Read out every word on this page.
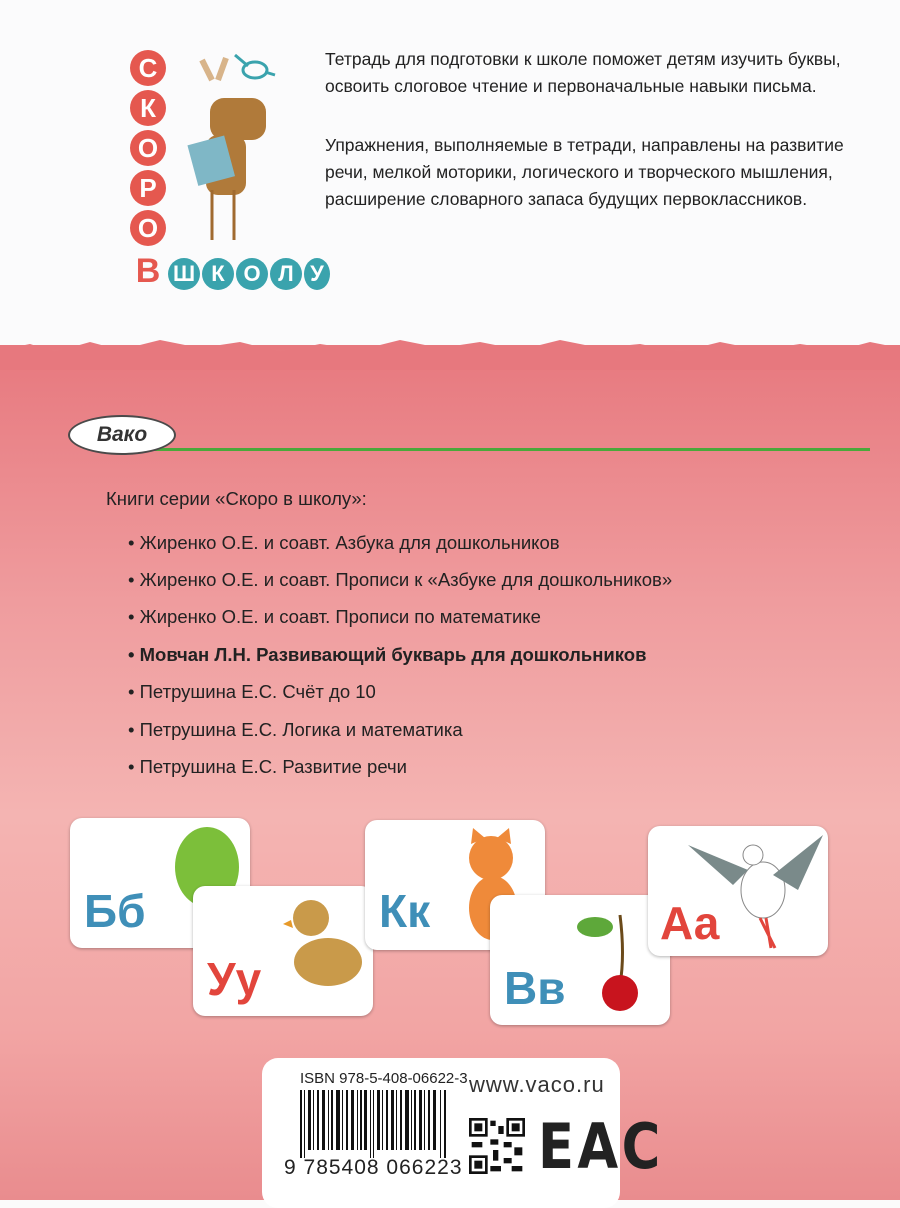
С
К
О
Р
О
В Ш К О Л У
Тетрадь для подготовки к школе поможет детям изучить буквы, освоить слоговое чтение и первоначальные навыки письма.
Упражнения, выполняемые в тетради, направлены на развитие речи, мелкой моторики, логического и творческого мышления, расширение словарного запаса будущих первоклассников.
Вако
Книги серии «Скоро в школу»:
• Жиренко О.Е. и соавт. Азбука для дошкольников
• Жиренко О.Е. и соавт. Прописи к «Азбуке для дошкольников»
• Жиренко О.Е. и соавт. Прописи по математике
• Мовчан Л.Н. Развивающий букварь для дошкольников
• Петрушина Е.С. Счёт до 10
• Петрушина Е.С. Логика и математика
• Петрушина Е.С. Развитие речи
Бб
Уу
Кк
Вв
Аа
ISBN 978-5-408-06622-3
9 785408 066223
www.vaco.ru
EAC
